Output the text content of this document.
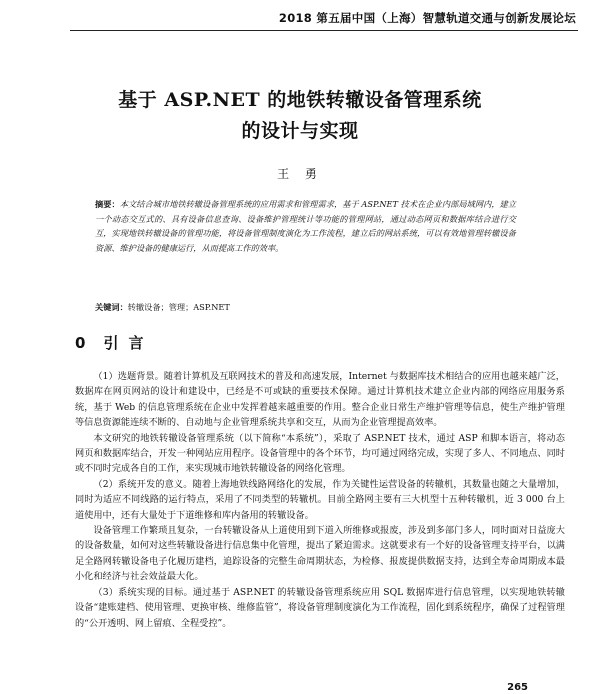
2018 第五届中国（上海）智慧轨道交通与创新发展论坛
基于 ASP.NET 的地铁转辙设备管理系统
的设计与实现
王 勇
摘要：本文结合城市地铁转辙设备管理系统的应用需求和管理需求，基于 ASP.NET 技术在企业内部局域网内，建立一个动态交互式的、具有设备信息查询、设备维护管理统计等功能的管理网站，通过动态网页和数据库结合进行交互，实现地铁转辙设备的管理功能，将设备管理制度演化为工作流程，建立后的网站系统，可以有效地管理转辙设备资源、维护设备的健康运行，从而提高工作的效率。
关键词：转辙设备；管理；ASP.NET
0 引言

（1）选题背景。随着计算机及互联网技术的普及和高速发展，Internet 与数据库技术相结合的应用也越来越广泛，数据库在网页网站的设计和建设中，已经是不可或缺的重要技术保障。通过计算机技术建立企业内部的网络应用服务系统，基于 Web 的信息管理系统在企业中发挥着越来越重要的作用。整合企业日常生产维护管理等信息，使生产维护管理等信息资源能连续不断的、自动地与企业管理系统共享和交互，从而为企业管理提高效率。

本文研究的地铁转辙设备管理系统（以下简称“本系统”），采取了 ASP.NET 技术，通过 ASP 和脚本语言，将动态网页和数据库结合，开发一种网站应用程序。设备管理中的各个环节，均可通过网络完成，实现了多人、不同地点、同时或不同时完成各自的工作，来实现城市地铁转辙设备的网络化管理。

（2）系统开发的意义。随着上海地铁线路网络化的发展，作为关键性运营设备的转辙机，其数量也随之大量增加，同时为适应不同线路的运行特点，采用了不同类型的转辙机。目前全路网主要有三大机型十五种转辙机，近 3 000 台上道使用中，还有大量处于下道维修和库内备用的转辙设备。

设备管理工作繁琐且复杂，一台转辙设备从上道使用到下道入所维修或报废，涉及到多部门多人，同时面对日益庞大的设备数量，如何对这些转辙设备进行信息集中化管理，提出了紧迫需求。这就要求有一个好的设备管理支持平台，以满足全路网转辙设备电子化履历建档，追踪设备的完整生命周期状态，为检修、报废提供数据支持，达到全寿命周期成本最小化和经济与社会效益最大化。

（3）系统实现的目标。通过基于 ASP.NET 的转辙设备管理系统应用 SQL 数据库进行信息管理，以实现地铁转辙设备“建账建档、使用管理、更换审核、维修监管”，将设备管理制度演化为工作流程，固化到系统程序，确保了过程管理的“公开透明、网上留痕、全程受控”。

265
